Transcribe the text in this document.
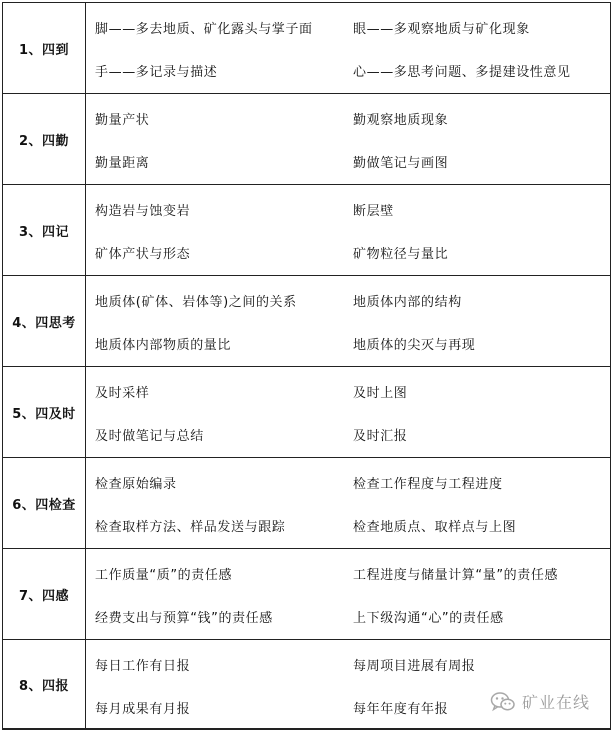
1、四到
脚——多去地质、矿化露头与掌子面	眼——多观察地质与矿化现象
手——多记录与描述	心——多思考问题、多提建设性意见
2、四勤
勤量产状	勤观察地质现象
勤量距离	勤做笔记与画图
3、四记
构造岩与蚀变岩	断层壁
矿体产状与形态	矿物粒径与量比
4、四思考
地质体(矿体、岩体等)之间的关系	地质体内部的结构
地质体内部物质的量比	地质体的尖灭与再现
5、四及时
及时采样	及时上图
及时做笔记与总结	及时汇报
6、四检查
检查原始编录	检查工作程度与工程进度
检查取样方法、样品发送与跟踪	检查地质点、取样点与上图
7、四感
工作质量“质”的责任感	工程进度与储量计算“量”的责任感
经费支出与预算“钱”的责任感	上下级沟通“心”的责任感
8、四报
每日工作有日报	每周项目进展有周报
每月成果有月报	每年年度有年报	矿业在线
